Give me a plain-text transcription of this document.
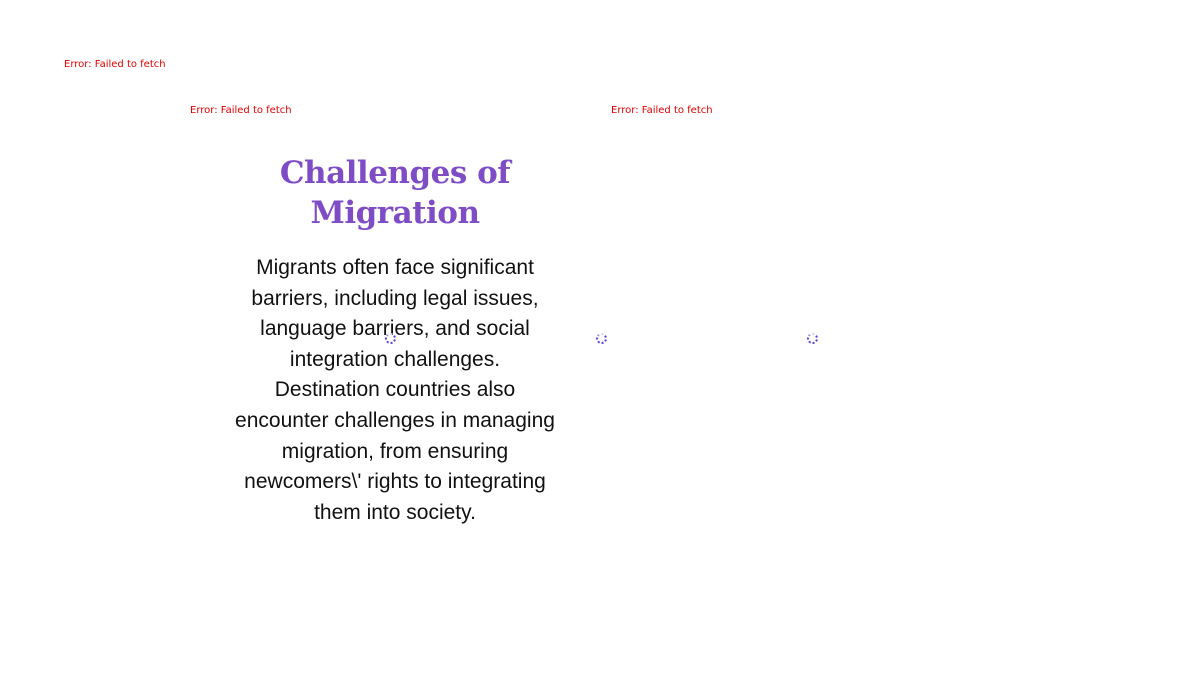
Error: Failed to fetch
Error: Failed to fetch	Error: Failed to fetch
Challenges of Migration

Migrants often face significant barriers, including legal issues, language barriers, and social integration challenges. Destination countries also encounter challenges in managing migration, from ensuring newcomers\' rights to integrating them into society.
